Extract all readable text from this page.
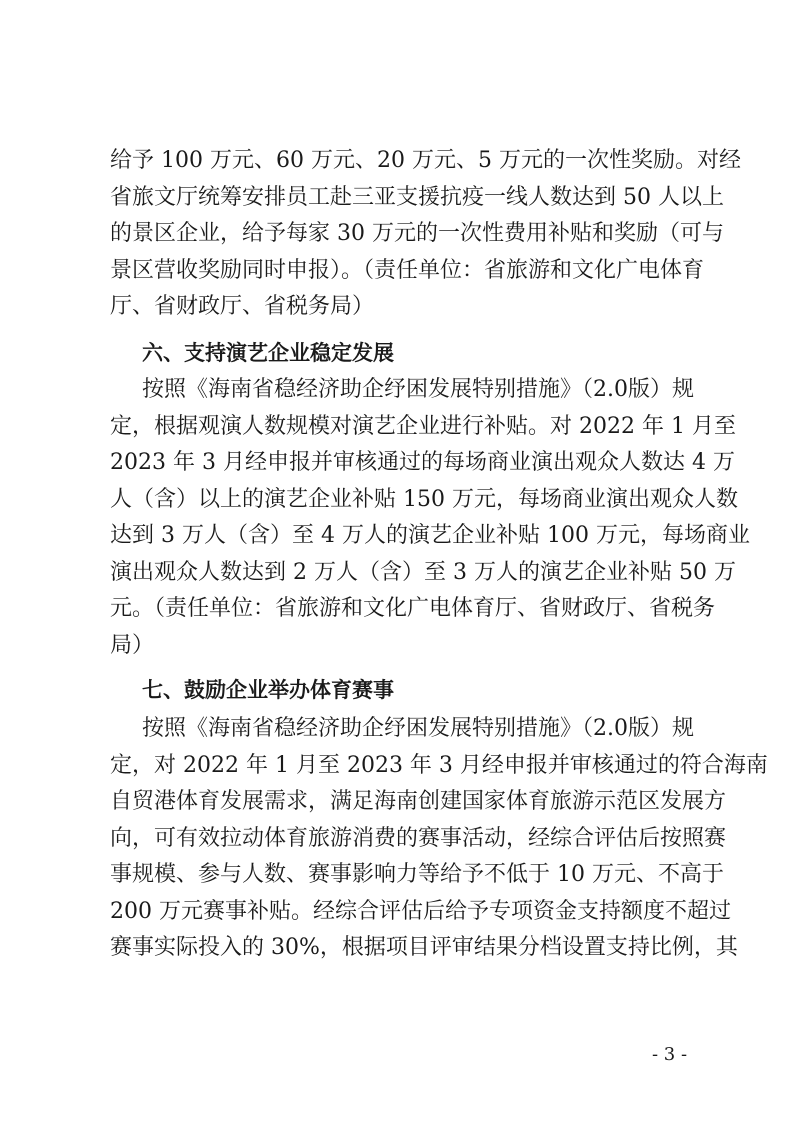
给予 100 万元、60 万元、20 万元、5 万元的一次性奖励。对经
省旅文厅统筹安排员工赴三亚支援抗疫一线人数达到 50 人以上
的景区企业，给予每家 30 万元的一次性费用补贴和奖励（可与
景区营收奖励同时申报）。（责任单位：省旅游和文化广电体育
厅、省财政厅、省税务局）
六、支持演艺企业稳定发展
按照《海南省稳经济助企纾困发展特别措施》（2.0版）规
定，根据观演人数规模对演艺企业进行补贴。对 2022 年 1 月至
2023 年 3 月经申报并审核通过的每场商业演出观众人数达 4 万
人（含）以上的演艺企业补贴 150 万元，每场商业演出观众人数
达到 3 万人（含）至 4 万人的演艺企业补贴 100 万元，每场商业
演出观众人数达到 2 万人（含）至 3 万人的演艺企业补贴 50 万
元。（责任单位：省旅游和文化广电体育厅、省财政厅、省税务
局）
七、鼓励企业举办体育赛事
按照《海南省稳经济助企纾困发展特别措施》（2.0版）规
定，对 2022 年 1 月至 2023 年 3 月经申报并审核通过的符合海南
自贸港体育发展需求，满足海南创建国家体育旅游示范区发展方
向，可有效拉动体育旅游消费的赛事活动，经综合评估后按照赛
事规模、参与人数、赛事影响力等给予不低于 10 万元、不高于
200 万元赛事补贴。经综合评估后给予专项资金支持额度不超过
赛事实际投入的 30%，根据项目评审结果分档设置支持比例，其
- 3 -
